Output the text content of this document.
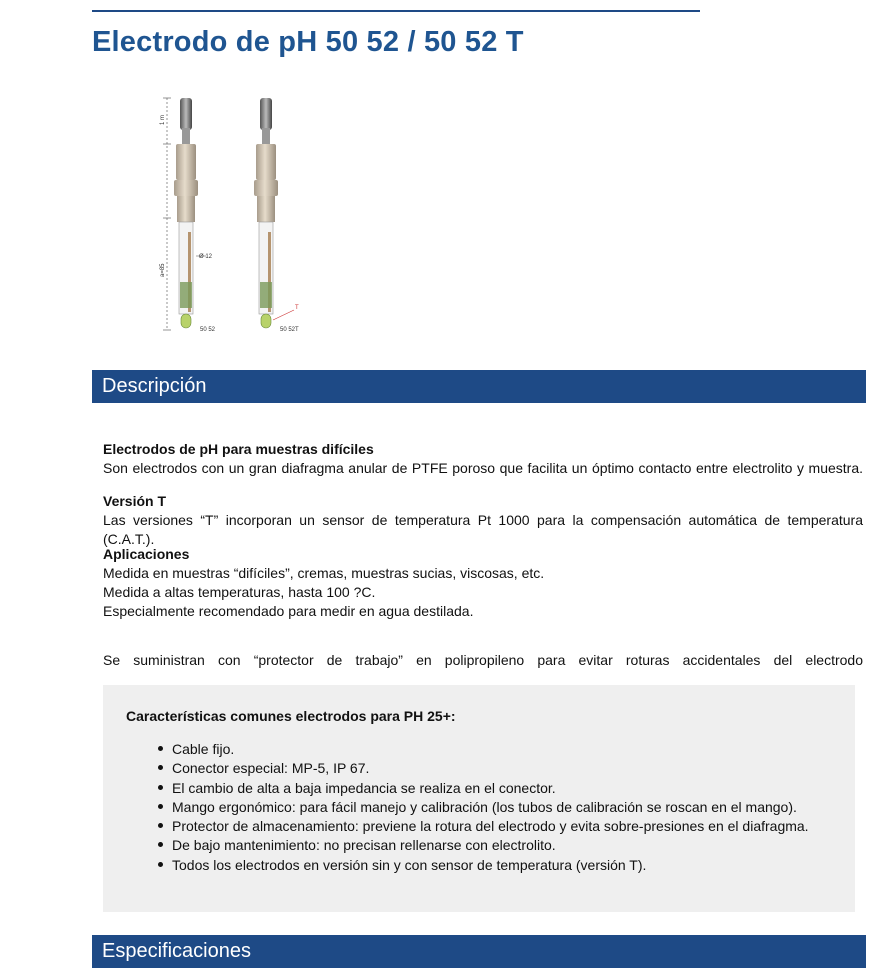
Electrodo de pH 50 52 / 50 52 T
1 m
a=85
Ø 12
50 52
T
50 52T
Descripción

Electrodos de pH para muestras difíciles

Son electrodos con un gran diafragma anular de PTFE poroso que facilita un óptimo contacto entre electrolito y muestra.

Versión T

Las versiones “T” incorporan un sensor de temperatura Pt 1000 para la compensación automática de temperatura (C.A.T.).

Aplicaciones

Medida en muestras “difíciles”, cremas, muestras sucias, viscosas, etc.

Medida a altas temperaturas, hasta 100 ?C.

Especialmente recomendado para medir en agua destilada.

Se suministran con “protector de trabajo” en polipropileno para evitar roturas accidentales del electrodo

Características comunes electrodos para PH 25+:
Cable fijo.
Conector especial: MP-5, IP 67.
El cambio de alta a baja impedancia se realiza en el conector.
Mango ergonómico: para fácil manejo y calibración (los tubos de calibración se roscan en el mango).
Protector de almacenamiento: previene la rotura del electrodo y evita sobre-presiones en el diafragma.
De bajo mantenimiento: no precisan rellenarse con electrolito.
Todos los electrodos en versión sin y con sensor de temperatura (versión T).
Especificaciones
